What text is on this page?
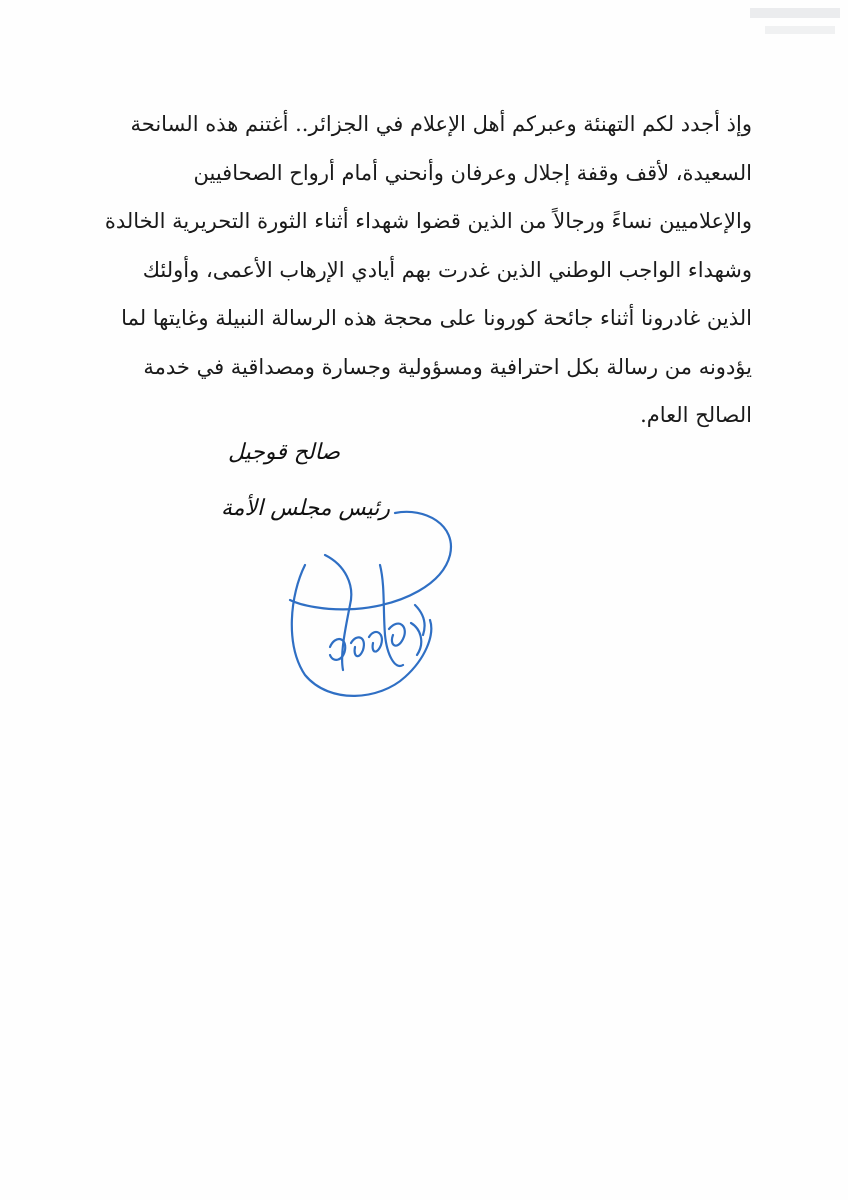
وإذ أجدد لكم التهنئة وعبركم أهل الإعلام في الجزائر.. أغتنم هذه السانحة
السعيدة، لأقف وقفة إجلال وعرفان وأنحني أمام أرواح الصحافيين
والإعلاميين نساءً ورجالاً من الذين قضوا شهداء أثناء الثورة التحريرية الخالدة
وشهداء الواجب الوطني الذين غدرت بهم أيادي الإرهاب الأعمى، وأولئك
الذين غادرونا أثناء جائحة كورونا على محجة هذه الرسالة النبيلة وغايتها لما
يؤدونه من رسالة بكل احترافية ومسؤولية وجسارة ومصداقية في خدمة
الصالح العام.
صالح قوجيل
رئيس مجلس الأمة
